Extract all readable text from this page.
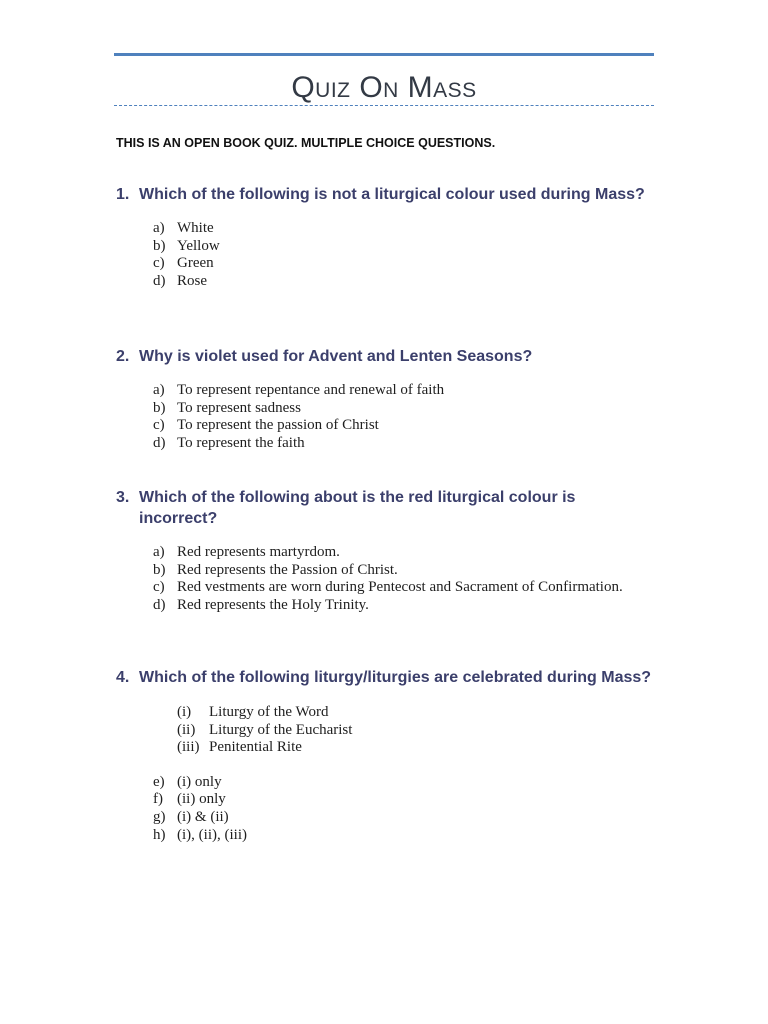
Quiz On Mass
THIS IS AN OPEN BOOK QUIZ. MULTIPLE CHOICE QUESTIONS.
1. Which of the following is not a liturgical colour used during Mass?
a) White
b) Yellow
c) Green
d) Rose
2. Why is violet used for Advent and Lenten Seasons?
a) To represent repentance and renewal of faith
b) To represent sadness
c) To represent the passion of Christ
d) To represent the faith
3. Which of the following about is the red liturgical colour is incorrect?
a) Red represents martyrdom.
b) Red represents the Passion of Christ.
c) Red vestments are worn during Pentecost and Sacrament of Confirmation.
d) Red represents the Holy Trinity.
4. Which of the following liturgy/liturgies are celebrated during Mass?
(i)	Liturgy of the Word
(ii) Liturgy of the Eucharist
(iii) Penitential Rite
e) (i) only
f) (ii) only
g) (i) & (ii)
h) (i), (ii), (iii)
